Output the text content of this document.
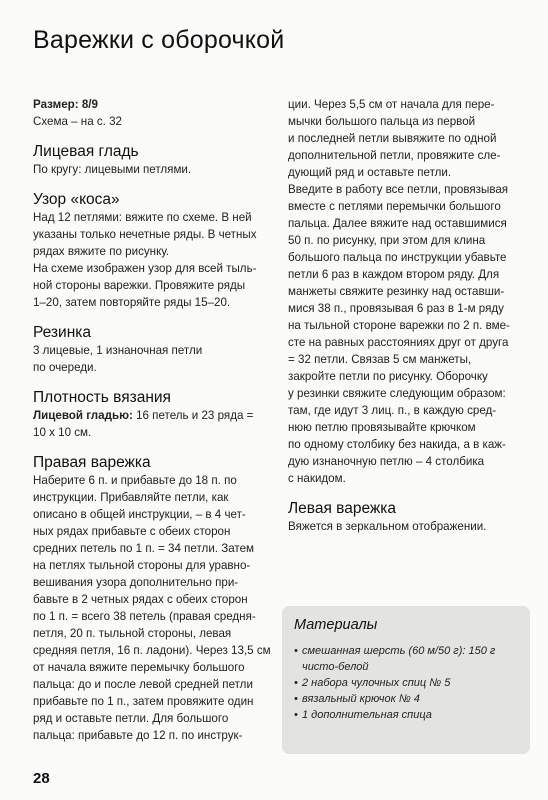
Варежки с оборочкой

Размер: 8/9

Схема – на с. 32

Лицевая гладь

По кругу: лицевыми петлями.

Узор «коса»

Над 12 петлями: вяжите по схеме. В ней

указаны только нечетные ряды. В четных

рядах вяжите по рисунку.

На схеме изображен узор для всей тыль-

ной стороны варежки. Провяжите ряды

1–20, затем повторяйте ряды 15–20.

Резинка

3 лицевые, 1 изнаночная петли

по очереди.

Плотность вязания

Лицевой гладью: 16 петель и 23 ряда =

10 х 10 см.

Правая варежка

Наберите 6 п. и прибавьте до 18 п. по

инструкции. Прибавляйте петли, как

описано в общей инструкции, – в 4 чет-

ных рядах прибавьте с обеих сторон

средних петель по 1 п. = 34 петли. Затем

на петлях тыльной стороны для уравно-

вешивания узора дополнительно при-

бавьте в 2 четных рядах с обеих сторон

по 1 п. = всего 38 петель (правая средня-

петля, 20 п. тыльной стороны, левая

средняя петля, 16 п. ладони). Через 13,5 см

от начала вяжите перемычку большого

пальца: до и после левой средней петли

прибавьте по 1 п., затем провяжите один

ряд и оставьте петли. Для большого

пальца: прибавьте до 12 п. по инструк-

ции. Через 5,5 см от начала для пере-

мычки большого пальца из первой

и последней петли вывяжите по одной

дополнительной петли, провяжите сле-

дующий ряд и оставьте петли.

Введите в работу все петли, провязывая

вместе с петлями перемычки большого

пальца. Далее вяжите над оставшимися

50 п. по рисунку, при этом для клина

большого пальца по инструкции убавьте

петли 6 раз в каждом втором ряду. Для

манжеты свяжите резинку над оставши-

мися 38 п., провязывая 6 раз в 1-м ряду

на тыльной стороне варежки по 2 п. вме-

сте на равных расстояниях друг от друга

= 32 петли. Связав 5 см манжеты,

закройте петли по рисунку. Оборочку

у резинки свяжите следующим образом:

там, где идут 3 лиц. п., в каждую сред-

нюю петлю провязывайте крючком

по одному столбику без накида, а в каж-

дую изнаночную петлю – 4 столбика

с накидом.

Левая варежка

Вяжется в зеркальном отображении.

Материалы
• смешанная шерсть (60 м/50 г): 150 г
чисто-белой
• 2 набора чулочных спиц № 5
• вязальный крючок № 4
• 1 дополнительная спица
28
